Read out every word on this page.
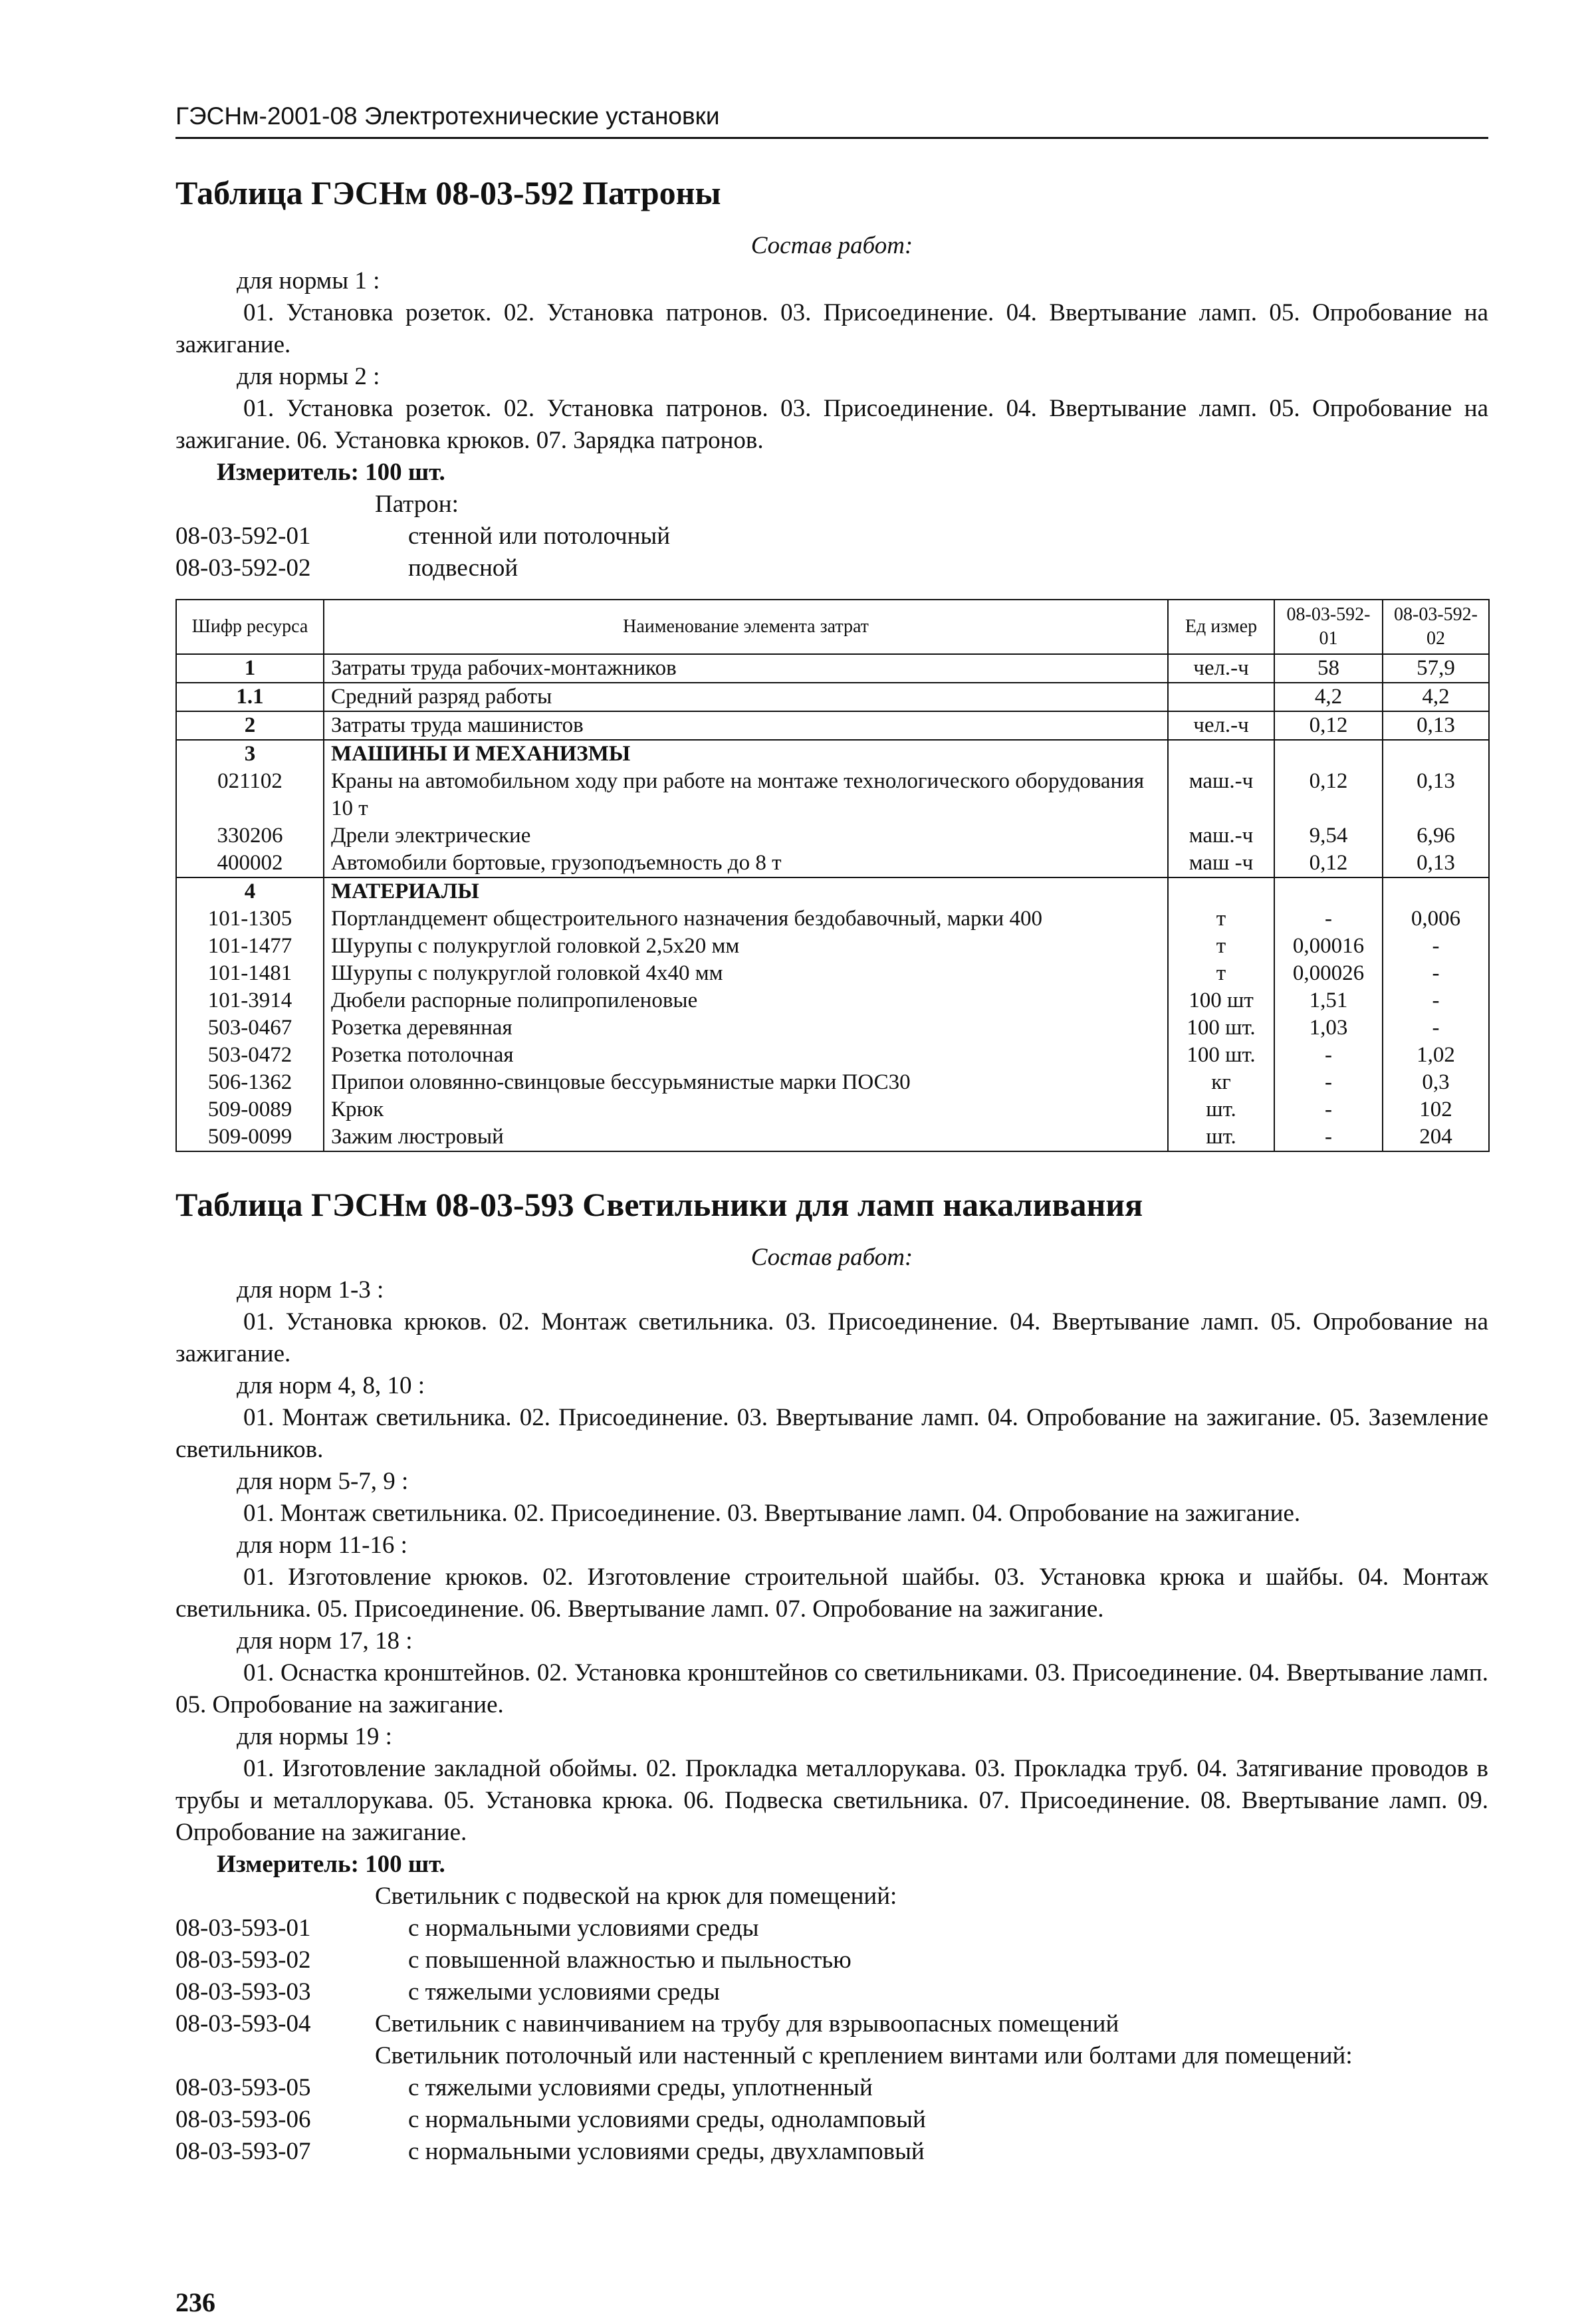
ГЭСНм-2001-08 Электротехнические установки
Таблица ГЭСНм 08-03-592 Патроны
Состав работ:
для нормы 1 :
01. Установка розеток. 02. Установка патронов. 03. Присоединение. 04. Ввертывание ламп. 05. Опробование на зажигание.
для нормы 2 :
01. Установка розеток. 02. Установка патронов. 03. Присоединение. 04. Ввертывание ламп. 05. Опробование на зажигание. 06. Установка крюков. 07. Зарядка патронов.
Измеритель: 100 шт.
Патрон:
08-03-592-01	стенной или потолочный
08-03-592-02	подвесной
Шифр ресурса	Наименование элемента затрат	Ед измер	08-03-592-01	08-03-592-02
1	Затраты труда рабочих-монтажников	чел.-ч	58	57,9
1.1	Средний разряд работы		4,2	4,2
2	Затраты труда машинистов	чел.-ч	0,12	0,13
3	МАШИНЫ И МЕХАНИЗМЫ			
021102	Краны на автомобильном ходу при работе на монтаже технологического оборудования 10 т	маш.-ч	0,12	0,13
330206	Дрели электрические	маш.-ч	9,54	6,96
400002	Автомобили бортовые, грузоподъемность до 8 т	маш -ч	0,12	0,13
4	МАТЕРИАЛЫ			
101-1305	Портландцемент общестроительного назначения бездобавочный, марки 400	т	-	0,006
101-1477	Шурупы с полукруглой головкой 2,5х20 мм	т	0,00016	-
101-1481	Шурупы с полукруглой головкой 4х40 мм	т	0,00026	-
101-3914	Дюбели распорные полипропиленовые	100 шт	1,51	-
503-0467	Розетка деревянная	100 шт.	1,03	-
503-0472	Розетка потолочная	100 шт.	-	1,02
506-1362	Припои оловянно-свинцовые бессурьмянистые марки ПОС30	кг	-	0,3
509-0089	Крюк	шт.	-	102
509-0099	Зажим люстровый	шт.	-	204
Таблица ГЭСНм 08-03-593 Светильники для ламп накаливания
Состав работ:
для норм 1-3 :
01. Установка крюков. 02. Монтаж светильника. 03. Присоединение. 04. Ввертывание ламп. 05. Опробование на зажигание.
для норм 4, 8, 10 :
01. Монтаж светильника. 02. Присоединение. 03. Ввертывание ламп. 04. Опробование на зажигание. 05. Заземление светильников.
для норм 5-7, 9 :
01. Монтаж светильника. 02. Присоединение. 03. Ввертывание ламп. 04. Опробование на зажигание.
для норм 11-16 :
01. Изготовление крюков. 02. Изготовление строительной шайбы. 03. Установка крюка и шайбы. 04. Монтаж светильника. 05. Присоединение. 06. Ввертывание ламп. 07. Опробование на зажигание.
для норм 17, 18 :
01. Оснастка кронштейнов. 02. Установка кронштейнов со светильниками. 03. Присоединение. 04. Ввертывание ламп. 05. Опробование на зажигание.
для нормы 19 :
01. Изготовление закладной обоймы. 02. Прокладка металлорукава. 03. Прокладка труб. 04. Затягивание проводов в трубы и металлорукава. 05. Установка крюка. 06. Подвеска светильника. 07. Присоединение. 08. Ввертывание ламп. 09. Опробование на зажигание.
Измеритель: 100 шт.
Светильник с подвеской на крюк для помещений:
08-03-593-01	с нормальными условиями среды
08-03-593-02	с повышенной влажностью и пыльностью
08-03-593-03	с тяжелыми условиями среды
08-03-593-04	Светильник с навинчиванием на трубу для взрывоопасных помещений
Светильник потолочный или настенный с креплением винтами или болтами для помещений:
08-03-593-05	с тяжелыми условиями среды, уплотненный
08-03-593-06	с нормальными условиями среды, одноламповый
08-03-593-07	с нормальными условиями среды, двухламповый
236
